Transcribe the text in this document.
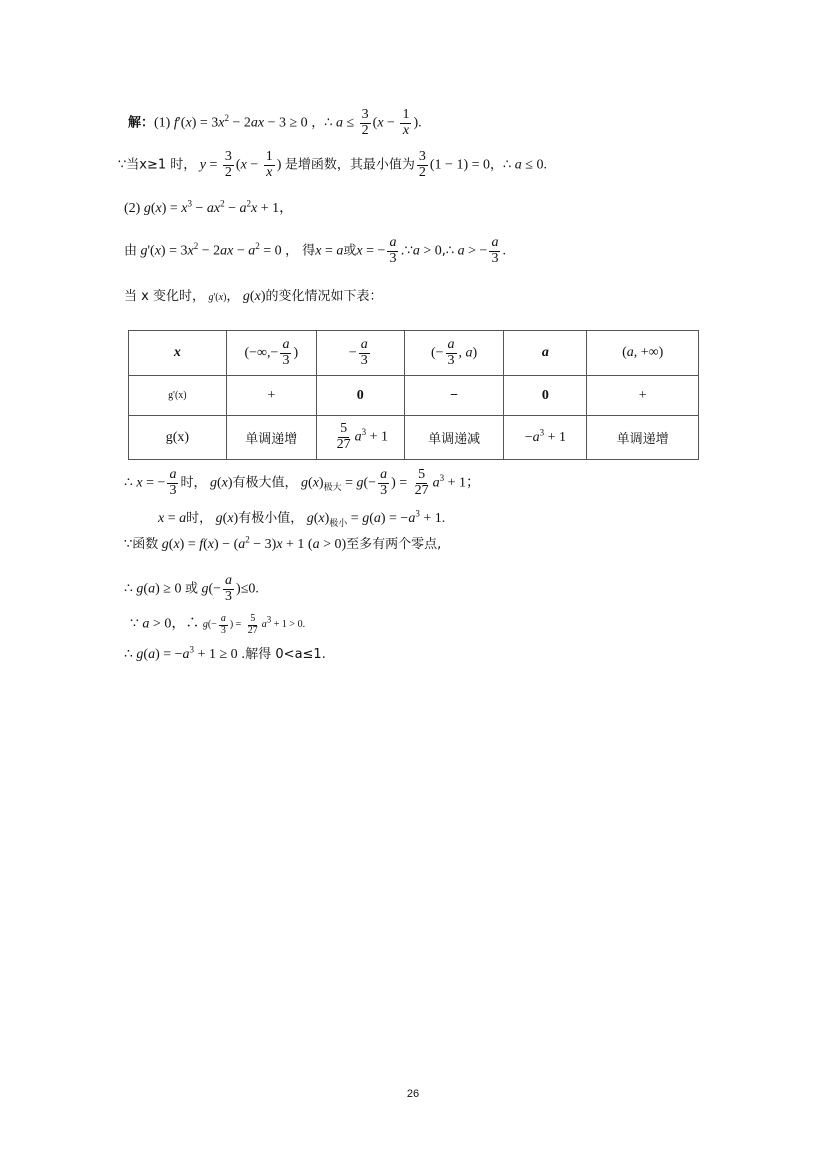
解：(1) $f'(x) = 3x^2 - 2ax - 3 \ge 0$ ，∴ $a \le \frac{3}{2} (x - \frac{1}{x}$ ).
∵当x≥1 时， $y = \frac{3}{2} (x - \frac{1}{x}$ ) 是增函数，其最小值为 $\frac{3}{2} (1 - 1) = 0$，∴ a ≤ 0.
(2) $g(x) = x^3 - ax^2 - a^2x + 1$，
由 $g'(x) = 3x^2 - 2ax - a^2 = 0$ ， 得x = a或x = − $\frac{a}{3}$ .∵a > 0,∴ a > − $\frac{a}{3}$ .
当 x 变化时， g'(x)， g(x)的变化情况如下表：
x	(−∞,− $\frac{a}{3}$ )	− $\frac{a}{3}$	(− $\frac{a}{3}$ , a)	a	(a, +∞)
g'(x)	+	0	−	0	+
g(x)	单调递增	$\frac{5}{27} a^3 + 1$	单调递减	$-a^3 + 1$	单调递增
∴ x = − $\frac{a}{3}$ 时， g(x)有极大值， $g(x)_{极大} = g(- \frac{a}{3}$ ) = $\frac{5}{27} a^3 + 1$；
x = a时， g(x)有极小值， $g(x)_{极小} = g(a) = -a^3 + 1$.
∵函数 $g(x) = f(x) - (a^2 - 3)x + 1$ (a > 0)至多有两个零点,
∴ g(a) ≥ 0 或 $g(- \frac{a}{3} )\le 0$.
∵ a > 0，∴ $g(- \frac{a}{3}$ ) = $\frac{5}{27} a^3 + 1 > 0$.
∴ $g(a) = -a^3 + 1 \ge 0$ .解得 0<a≤1.
26
